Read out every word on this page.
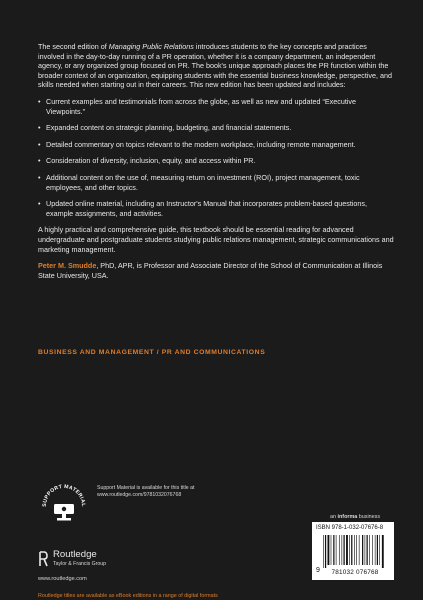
The second edition of Managing Public Relations introduces students to the key concepts and practices involved in the day-to-day running of a PR operation, whether it is a company department, an independent agency, or any organized group focused on PR. The book's unique approach places the PR function within the broader context of an organization, equipping students with the essential business knowledge, perspective, and skills needed when starting out in their careers. This new edition has been updated and includes:

• Current examples and testimonials from across the globe, as well as new and updated “Executive Viewpoints.”
• Expanded content on strategic planning, budgeting, and financial statements.
• Detailed commentary on topics relevant to the modern workplace, including remote management.
• Consideration of diversity, inclusion, equity, and access within PR.
• Additional content on the use of, measuring return on investment (ROI), project management, toxic employees, and other topics.
• Updated online material, including an Instructor's Manual that incorporates problem-based questions, example assignments, and activities.

A highly practical and comprehensive guide, this textbook should be essential reading for advanced undergraduate and postgraduate students studying public relations management, strategic communications and marketing management.

Peter M. Smudde, PhD, APR, is Professor and Associate Director of the School of Communication at Illinois State University, USA.

BUSINESS AND MANAGEMENT / PR AND COMMUNICATIONS
SUPPORT MATERIAL
Support Material is available for this title at
www.routledge.com/9781032076768
an informa business
Routledge
Taylor & Francis Group
www.routledge.com
ISBN 978-1-032-07676-8
9	781032 076768
Routledge titles are available as eBook editions in a range of digital formats
